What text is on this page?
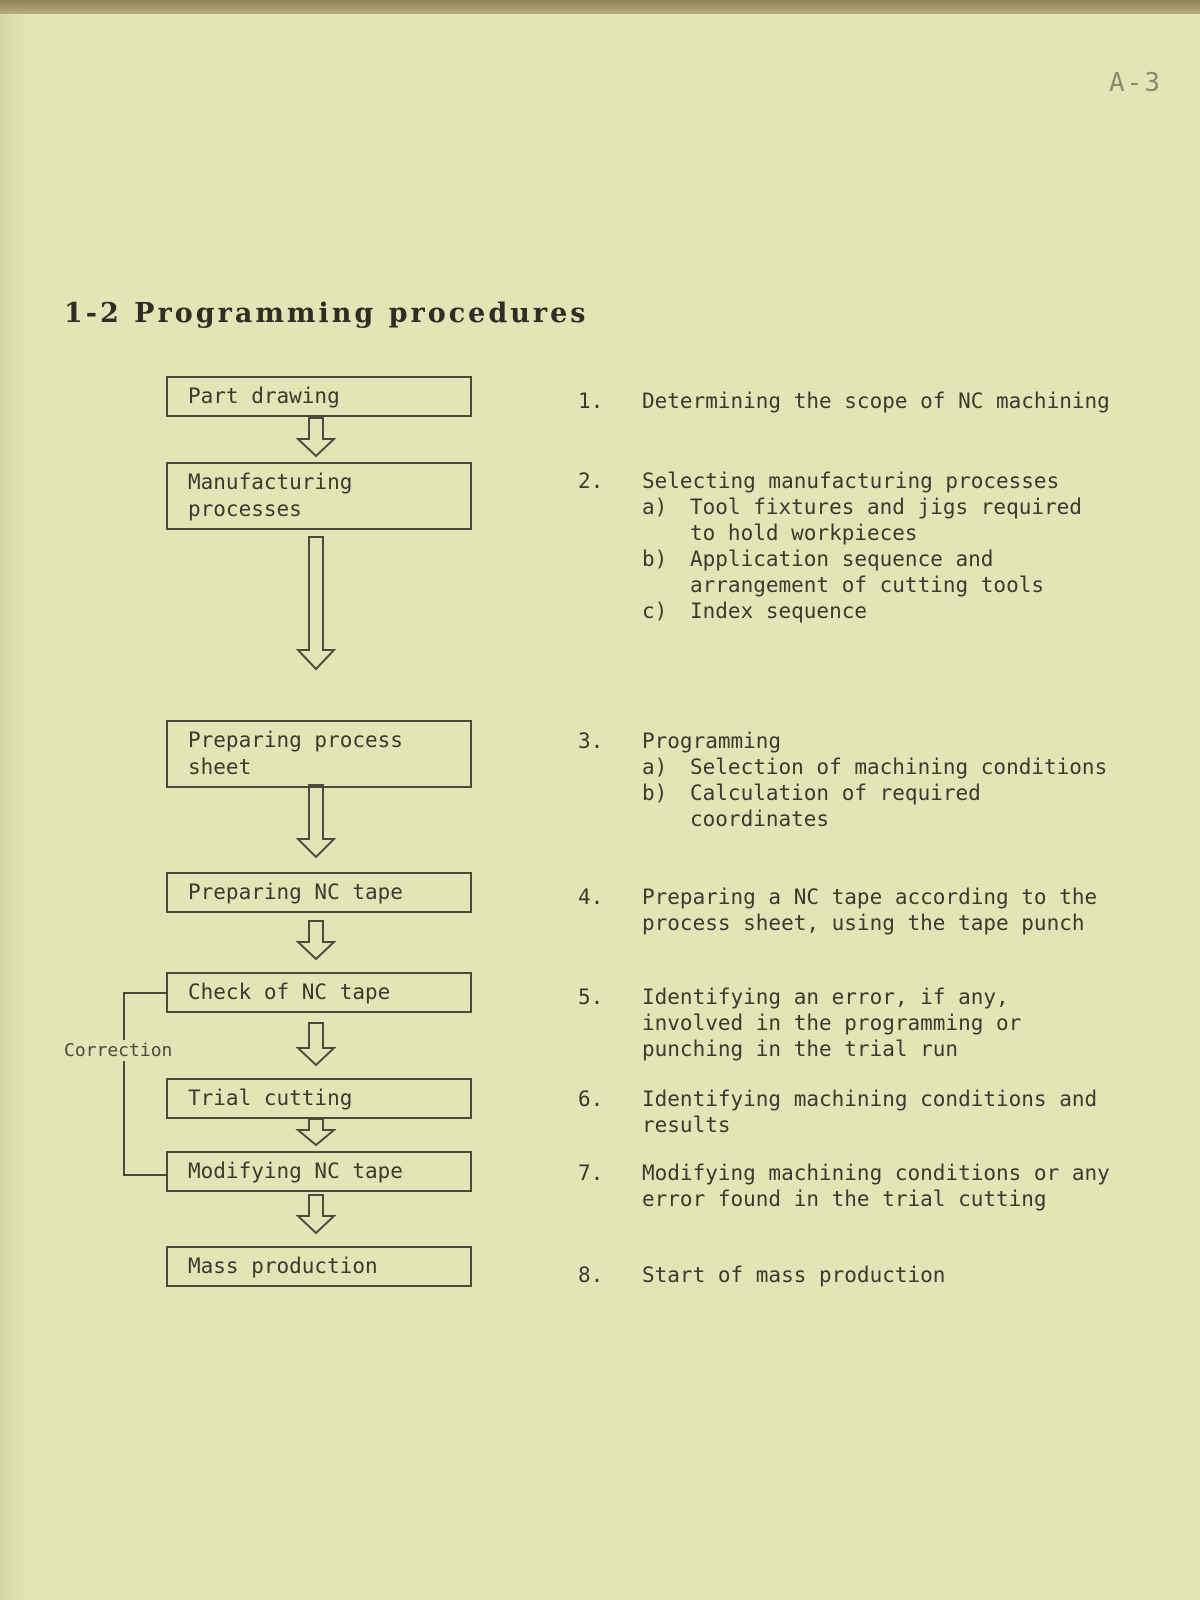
A-3
1-2 Programming procedures
Part drawing
Manufacturing processes
Preparing process sheet
Preparing NC tape
Check of NC tape
Trial cutting
Modifying NC tape
Mass production
Correction
1.	Determining the scope of NC machining
2.	Selecting manufacturing processes
a) Tool fixtures and jigs required to hold workpieces
b) Application sequence and arrangement of cutting tools
c) Index sequence
3.	Programming
a) Selection of machining conditions
b) Calculation of required coordinates
4.	Preparing a NC tape according to the process sheet, using the tape punch
5.	Identifying an error, if any, involved in the programming or punching in the trial run
6.	Identifying machining conditions and results
7.	Modifying machining conditions or any error found in the trial cutting
8.	Start of mass production
